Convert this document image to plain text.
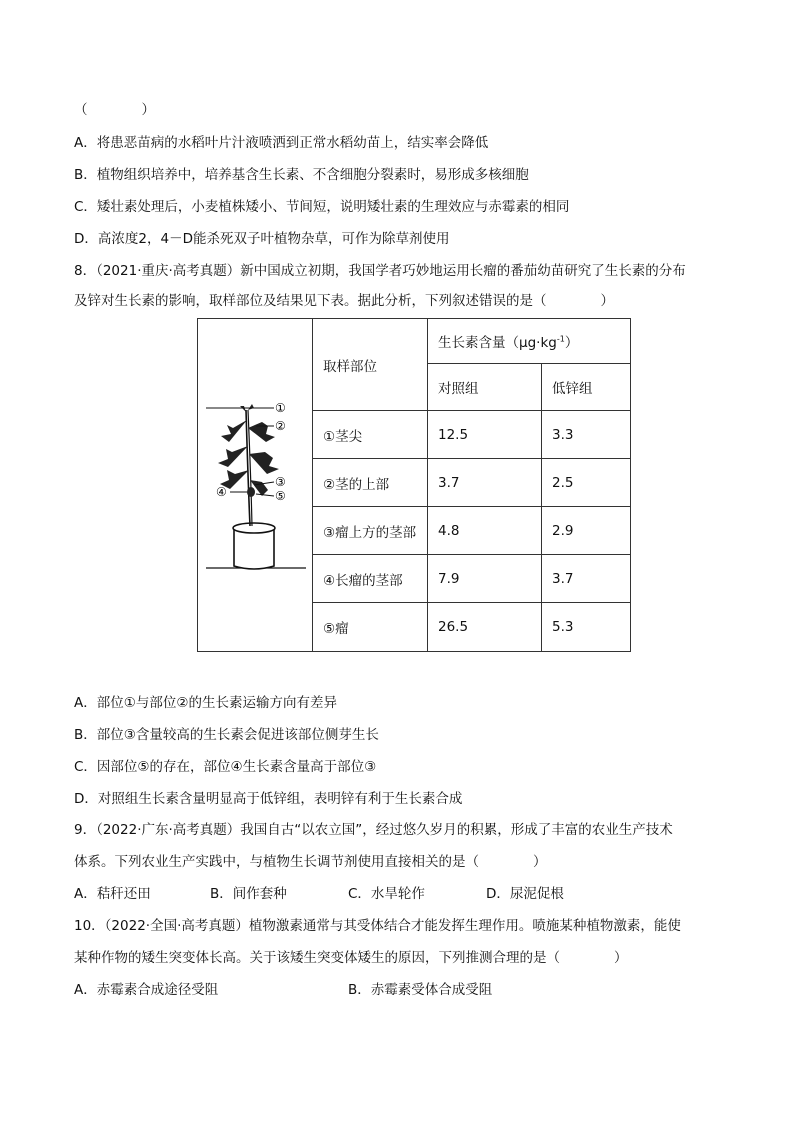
（　　　　）
A．将患恶苗病的水稻叶片汁液喷洒到正常水稻幼苗上，结实率会降低
B．植物组织培养中，培养基含生长素、不含细胞分裂素时，易形成多核细胞
C．矮壮素处理后，小麦植株矮小、节间短，说明矮壮素的生理效应与赤霉素的相同
D．高浓度2，4－D能杀死双子叶植物杂草，可作为除草剂使用
8．（2021·重庆·高考真题）新中国成立初期，我国学者巧妙地运用长瘤的番茄幼苗研究了生长素的分布
及锌对生长素的影响，取样部位及结果见下表。据此分析，下列叙述错误的是（　　　　）
①
②
③
④ ⑤	取样部位	生长素含量$(\mu g\cdot kg^{-1})$	
		对照组	低锌组
	①茎尖	12.5	3.3
	②茎的上部	3.7	2.5
	③瘤上方的茎部	4.8	2.9
	④长瘤的茎部	7.9	3.7
	⑤瘤	26.5	5.3
A．部位①与部位②的生长素运输方向有差异
B．部位③含量较高的生长素会促进该部位侧芽生长
C．因部位⑤的存在，部位④生长素含量高于部位③
D．对照组生长素含量明显高于低锌组，表明锌有利于生长素合成
9．（2022·广东·高考真题）我国自古“以农立国”，经过悠久岁月的积累，形成了丰富的农业生产技术
体系。下列农业生产实践中，与植物生长调节剂使用直接相关的是（　　　　）
A．秸秆还田	B．间作套种	C．水旱轮作	D．尿泥促根
10．（2022·全国·高考真题）植物激素通常与其受体结合才能发挥生理作用。喷施某种植物激素，能使
某种作物的矮生突变体长高。关于该矮生突变体矮生的原因，下列推测合理的是（　　　　）
A．赤霉素合成途径受阻	B．赤霉素受体合成受阻
